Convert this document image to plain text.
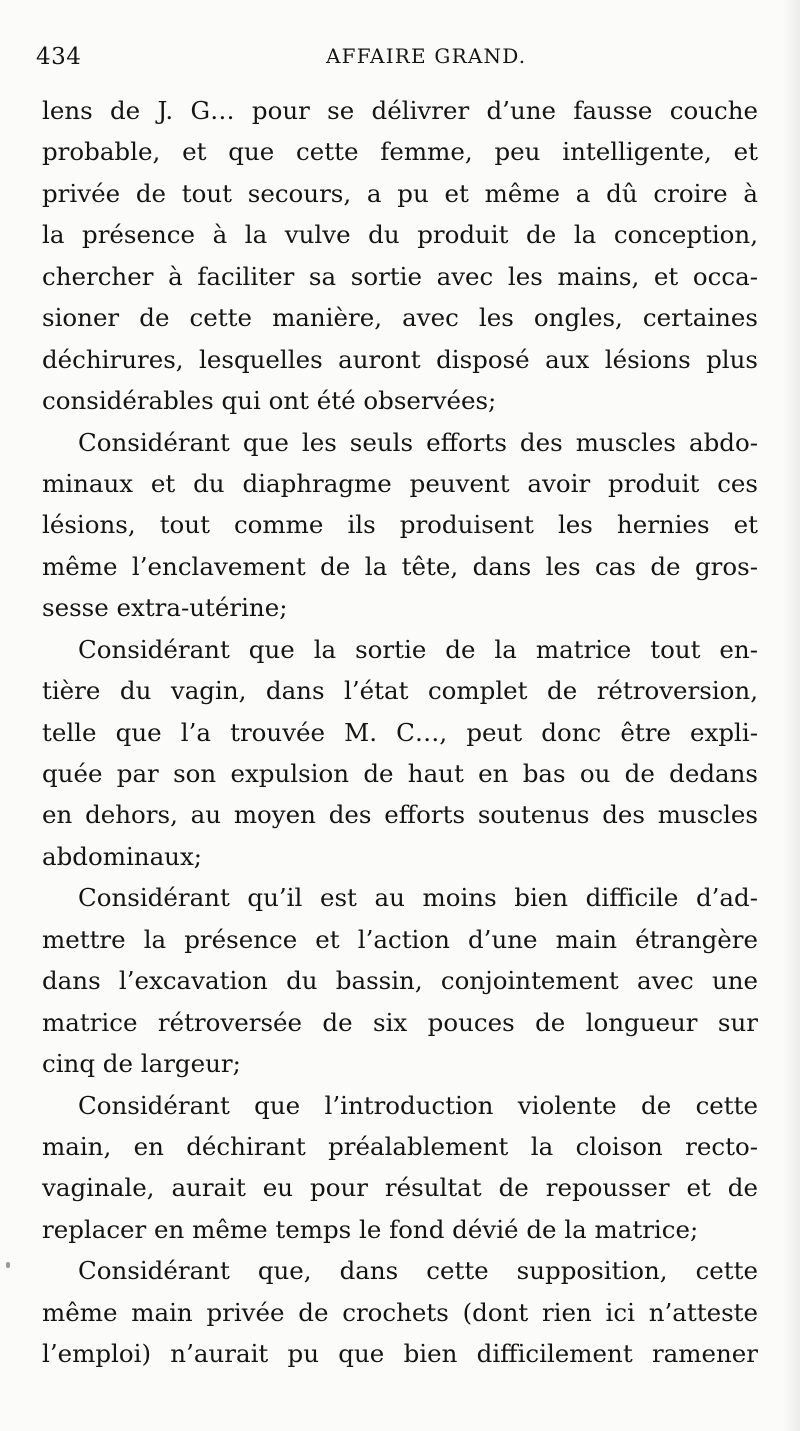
434	AFFAIRE GRAND.
lens de J. G… pour se délivrer d’une fausse couche
probable, et que cette femme, peu intelligente, et
privée de tout secours, a pu et même a dû croire à
la présence à la vulve du produit de la conception,
chercher à faciliter sa sortie avec les mains, et occa-
sioner de cette manière, avec les ongles, certaines
déchirures, lesquelles auront disposé aux lésions plus
considérables qui ont été observées;
Considérant que les seuls efforts des muscles abdo-
minaux et du diaphragme peuvent avoir produit ces
lésions, tout comme ils produisent les hernies et
même l’enclavement de la tête, dans les cas de gros-
sesse extra-utérine;
Considérant que la sortie de la matrice tout en-
tière du vagin, dans l’état complet de rétroversion,
telle que l’a trouvée M. C…, peut donc être expli-
quée par son expulsion de haut en bas ou de dedans
en dehors, au moyen des efforts soutenus des muscles
abdominaux;
Considérant qu’il est au moins bien difficile d’ad-
mettre la présence et l’action d’une main étrangère
dans l’excavation du bassin, conjointement avec une
matrice rétroversée de six pouces de longueur sur
cinq de largeur;
Considérant que l’introduction violente de cette
main, en déchirant préalablement la cloison recto-
vaginale, aurait eu pour résultat de repousser et de
replacer en même temps le fond dévié de la matrice;
Considérant que, dans cette supposition, cette
même main privée de crochets (dont rien ici n’atteste
l’emploi) n’aurait pu que bien difficilement ramener
